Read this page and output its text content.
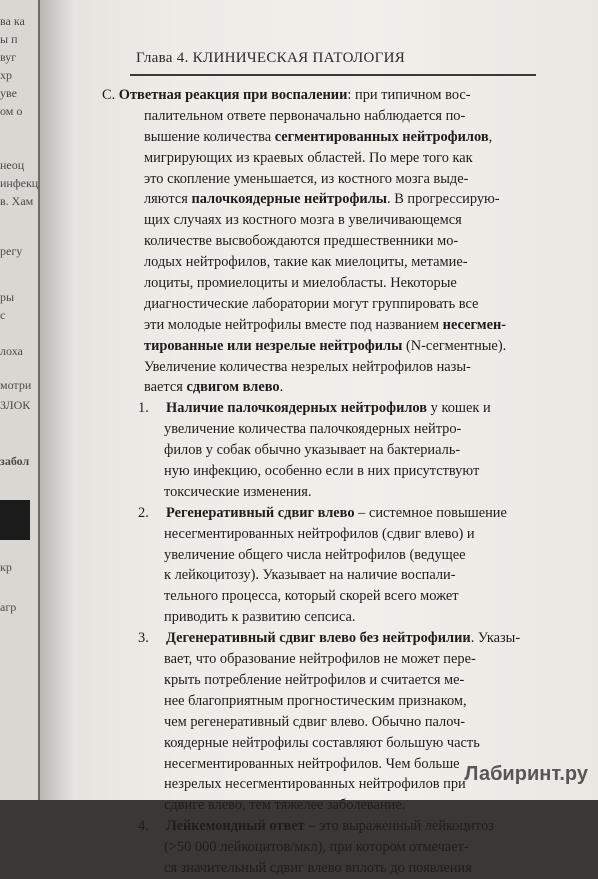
ва ка
ы п
вуг
хр
уве
ом о
неоц
инфекц
в. Хам
регу
ры
с
лоха
мотри
ЗЛОК
забол
кр
агр
Глава 4. КЛИНИЧЕСКАЯ ПАТОЛОГИЯ
С. Ответная реакция при воспалении: при типичном вос-
палительном ответе первоначально наблюдается по-
вышение количества сегментированных нейтрофилов,
мигрирующих из краевых областей. По мере того как
это скопление уменьшается, из костного мозга выде-
ляются палочкоядерные нейтрофилы. В прогрессирую-
щих случаях из костного мозга в увеличивающемся
количестве высвобождаются предшественники мо-
лодых нейтрофилов, такие как миелоциты, метамие-
лоциты, промиелоциты и миелобласты. Некоторые
диагностические лаборатории могут группировать все
эти молодые нейтрофилы вместе под названием несегмен-
тированные или незрелые нейтрофилы (N-сегментные).
Увеличение количества незрелых нейтрофилов назы-
вается сдвигом влево.
1. Наличие палочкоядерных нейтрофилов у кошек и
увеличение количества палочкоядерных нейтро-
филов у собак обычно указывает на бактериаль-
ную инфекцию, особенно если в них присутствуют
токсические изменения.
2. Регенеративный сдвиг влево – системное повышение
несегментированных нейтрофилов (сдвиг влево) и
увеличение общего числа нейтрофилов (ведущее
к лейкоцитозу). Указывает на наличие воспали-
тельного процесса, который скорей всего может
приводить к развитию сепсиса.
3. Дегенеративный сдвиг влево без нейтрофилии. Указы-
вает, что образование нейтрофилов не может пере-
крыть потребление нейтрофилов и считается ме-
нее благоприятным прогностическим признаком,
чем регенеративный сдвиг влево. Обычно палоч-
коядерные нейтрофилы составляют большую часть
несегментированных нейтрофилов. Чем больше
незрелых несегментированных нейтрофилов при
сдвиге влево, тем тяжелее заболевание.
4. Лейкемоидный ответ – это выраженный лейкоцитоз
(>50 000 лейкоцитов/мкл), при котором отмечает-
ся значительный сдвиг влево вплоть до появления
Лабиринт.ру
